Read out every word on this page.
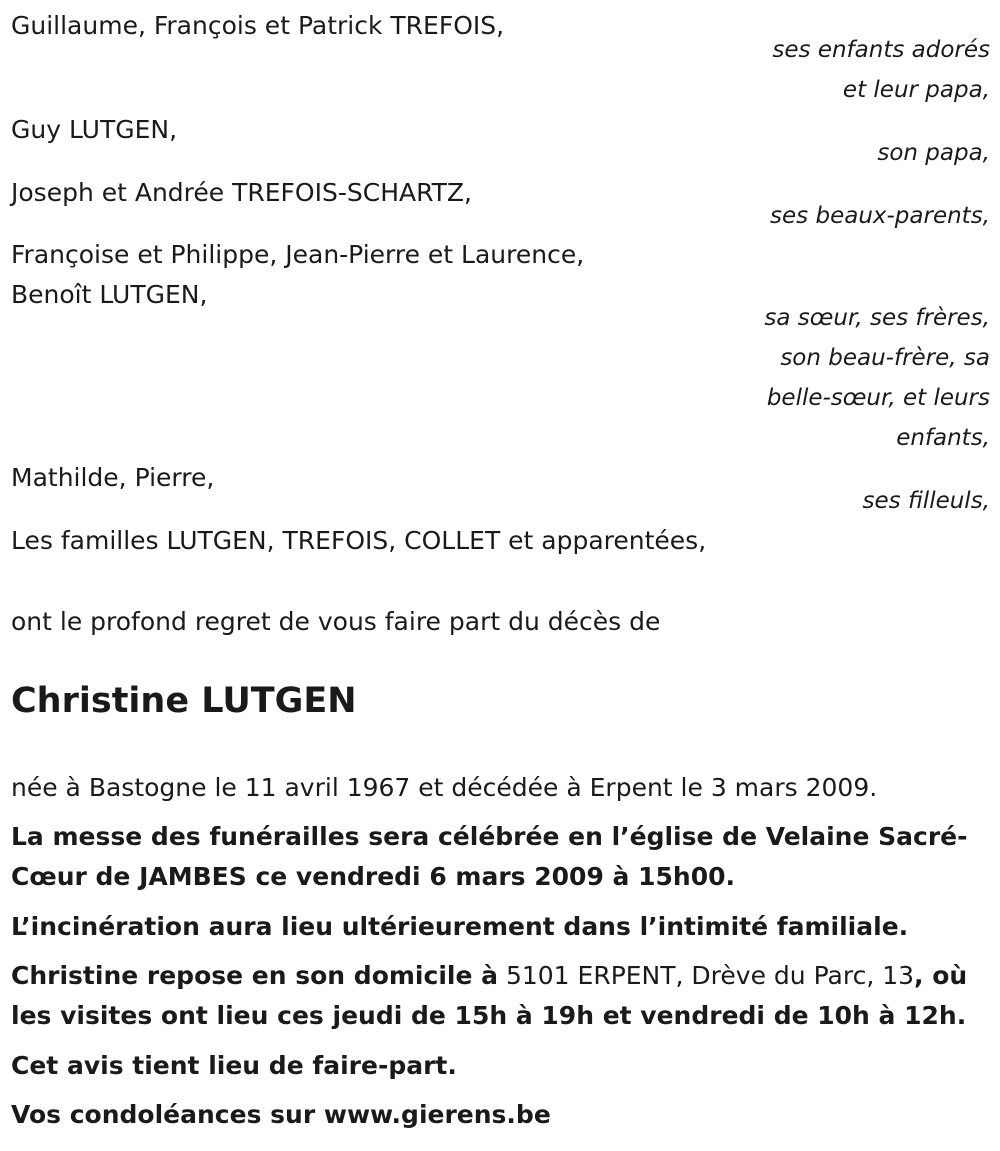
Guillaume, François et Patrick TREFOIS,
ses enfants adorés
et leur papa,
Guy LUTGEN,
son papa,
Joseph et Andrée TREFOIS-SCHARTZ,
ses beaux-parents,
Françoise et Philippe, Jean-Pierre et Laurence,
Benoît LUTGEN,
sa sœur, ses frères,
son beau-frère, sa
belle-sœur, et leurs
enfants,
Mathilde, Pierre,
ses filleuls,
Les familles LUTGEN, TREFOIS, COLLET et apparentées,
ont le profond regret de vous faire part du décès de
Christine LUTGEN
née à Bastogne le 11 avril 1967 et décédée à Erpent le 3 mars 2009.
La messe des funérailles sera célébrée en l’église de Velaine Sacré-Cœur de JAMBES ce vendredi 6 mars 2009 à 15h00.
L’incinération aura lieu ultérieurement dans l’intimité familiale.
Christine repose en son domicile à 5101 ERPENT, Drève du Parc, 13, où les visites ont lieu ces jeudi de 15h à 19h et vendredi de 10h à 12h.
Cet avis tient lieu de faire-part.
Vos condoléances sur www.gierens.be
